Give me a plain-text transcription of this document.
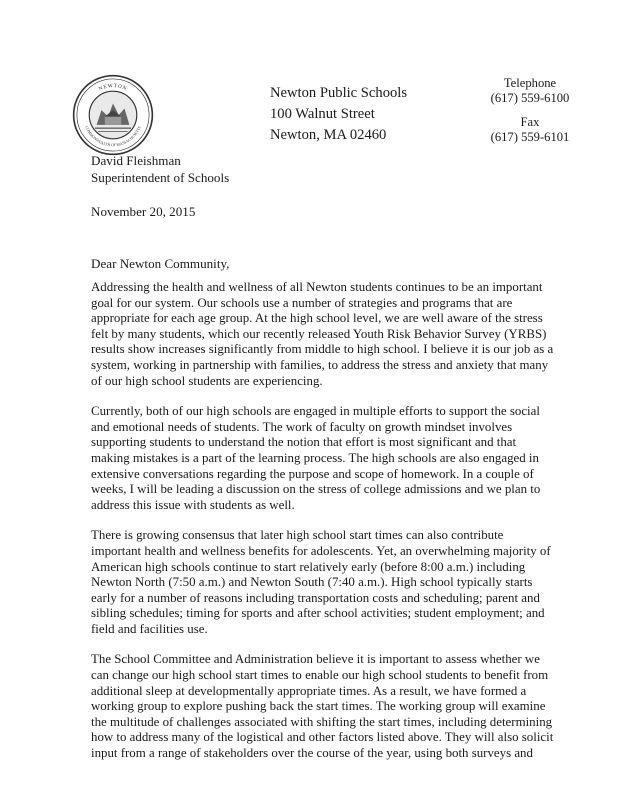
NEWTON
COMMONWEALTH OF MASSACHUSETTS
Newton Public Schools
100 Walnut Street
Newton, MA 02460
Telephone
(617) 559-6100
Fax
(617) 559-6101
David Fleishman
Superintendent of Schools
November 20, 2015
Dear Newton Community,

Addressing the health and wellness of all Newton students continues to be an important
goal for our system. Our schools use a number of strategies and programs that are
appropriate for each age group. At the high school level, we are well aware of the stress
felt by many students, which our recently released Youth Risk Behavior Survey (YRBS)
results show increases significantly from middle to high school. I believe it is our job as a
system, working in partnership with families, to address the stress and anxiety that many
of our high school students are experiencing.

Currently, both of our high schools are engaged in multiple efforts to support the social
and emotional needs of students. The work of faculty on growth mindset involves
supporting students to understand the notion that effort is most significant and that
making mistakes is a part of the learning process. The high schools are also engaged in
extensive conversations regarding the purpose and scope of homework. In a couple of
weeks, I will be leading a discussion on the stress of college admissions and we plan to
address this issue with students as well.

There is growing consensus that later high school start times can also contribute
important health and wellness benefits for adolescents. Yet, an overwhelming majority of
American high schools continue to start relatively early (before 8:00 a.m.) including
Newton North (7:50 a.m.) and Newton South (7:40 a.m.). High school typically starts
early for a number of reasons including transportation costs and scheduling; parent and
sibling schedules; timing for sports and after school activities; student employment; and
field and facilities use.

The School Committee and Administration believe it is important to assess whether we
can change our high school start times to enable our high school students to benefit from
additional sleep at developmentally appropriate times. As a result, we have formed a
working group to explore pushing back the start times. The working group will examine
the multitude of challenges associated with shifting the start times, including determining
how to address many of the logistical and other factors listed above. They will also solicit
input from a range of stakeholders over the course of the year, using both surveys and
